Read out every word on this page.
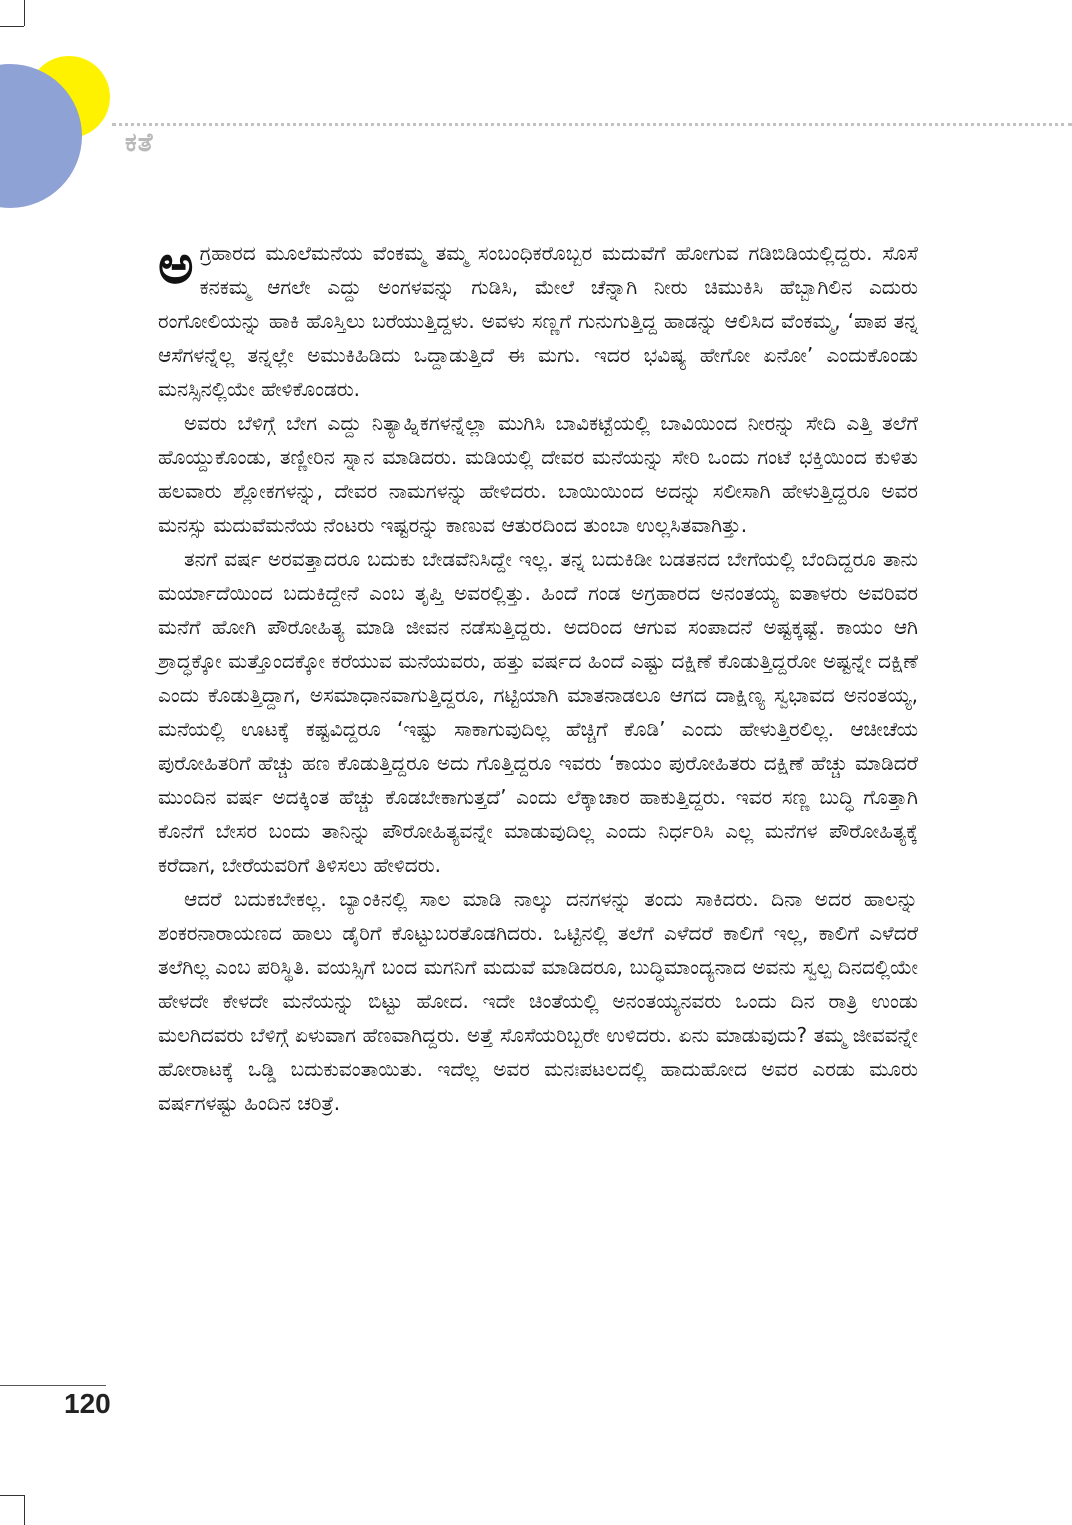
ಕತೆ

ಅಗ್ರಹಾರದ ಮೂಲೆಮನೆಯ ವೆಂಕಮ್ಮ ತಮ್ಮ ಸಂಬಂಧಿಕರೊಬ್ಬರ ಮದುವೆಗೆ ಹೋಗುವ ಗಡಿಬಿಡಿಯಲ್ಲಿದ್ದರು. ಸೊಸೆ ಕನಕಮ್ಮ ಆಗಲೇ ಎದ್ದು ಅಂಗಳವನ್ನು ಗುಡಿಸಿ, ಮೇಲೆ ಚೆನ್ನಾಗಿ ನೀರು ಚಿಮುಕಿಸಿ ಹೆಬ್ಬಾಗಿಲಿನ ಎದುರು ರಂಗೋಲಿಯನ್ನು ಹಾಕಿ ಹೊಸ್ತಿಲು ಬರೆಯುತ್ತಿದ್ದಳು. ಅವಳು ಸಣ್ಣಗೆ ಗುನುಗುತ್ತಿದ್ದ ಹಾಡನ್ನು ಆಲಿಸಿದ ವೆಂಕಮ್ಮ, ‘ಪಾಪ ತನ್ನ ಆಸೆಗಳನ್ನೆಲ್ಲ ತನ್ನಲ್ಲೇ ಅಮುಕಿಹಿಡಿದು ಒದ್ದಾಡುತ್ತಿದೆ ಈ ಮಗು. ಇದರ ಭವಿಷ್ಯ ಹೇಗೋ ಏನೋ’ ಎಂದುಕೊಂಡು ಮನಸ್ಸಿನಲ್ಲಿಯೇ ಹೇಳಿಕೊಂಡರು.

ಅವರು ಬೆಳಿಗ್ಗೆ ಬೇಗ ಎದ್ದು ನಿತ್ಯಾಹ್ನಿಕಗಳನ್ನೆಲ್ಲಾ ಮುಗಿಸಿ ಬಾವಿಕಟ್ಟೆಯಲ್ಲಿ ಬಾವಿಯಿಂದ ನೀರನ್ನು ಸೇದಿ ಎತ್ತಿ ತಲೆಗೆ ಹೊಯ್ದುಕೊಂಡು, ತಣ್ಣೀರಿನ ಸ್ನಾನ ಮಾಡಿದರು. ಮಡಿಯಲ್ಲಿ ದೇವರ ಮನೆಯನ್ನು ಸೇರಿ ಒಂದು ಗಂಟೆ ಭಕ್ತಿಯಿಂದ ಕುಳಿತು ಹಲವಾರು ಶ್ಲೋಕಗಳನ್ನು, ದೇವರ ನಾಮಗಳನ್ನು ಹೇಳಿದರು. ಬಾಯಿಯಿಂದ ಅದನ್ನು ಸಲೀಸಾಗಿ ಹೇಳುತ್ತಿದ್ದರೂ ಅವರ ಮನಸ್ಸು ಮದುವೆಮನೆಯ ನೆಂಟರು ಇಷ್ಟರನ್ನು ಕಾಣುವ ಆತುರದಿಂದ ತುಂಬಾ ಉಲ್ಲಸಿತವಾಗಿತ್ತು.

ತನಗೆ ವರ್ಷ ಅರವತ್ತಾದರೂ ಬದುಕು ಬೇಡವೆನಿಸಿದ್ದೇ ಇಲ್ಲ. ತನ್ನ ಬದುಕಿಡೀ ಬಡತನದ ಬೇಗೆಯಲ್ಲಿ ಬೆಂದಿದ್ದರೂ ತಾನು ಮರ್ಯಾದೆಯಿಂದ ಬದುಕಿದ್ದೇನೆ ಎಂಬ ತೃಪ್ತಿ ಅವರಲ್ಲಿತ್ತು. ಹಿಂದೆ ಗಂಡ ಅಗ್ರಹಾರದ ಅನಂತಯ್ಯ ಐತಾಳರು ಅವರಿವರ ಮನೆಗೆ ಹೋಗಿ ಪೌರೋಹಿತ್ಯ ಮಾಡಿ ಜೀವನ ನಡೆಸುತ್ತಿದ್ದರು. ಅದರಿಂದ ಆಗುವ ಸಂಪಾದನೆ ಅಷ್ಟಕ್ಕಷ್ಟೆ. ಕಾಯಂ ಆಗಿ ಶ್ರಾದ್ಧಕ್ಕೋ ಮತ್ತೊಂದಕ್ಕೋ ಕರೆಯುವ ಮನೆಯವರು, ಹತ್ತು ವರ್ಷದ ಹಿಂದೆ ಎಷ್ಟು ದಕ್ಷಿಣೆ ಕೊಡುತ್ತಿದ್ದರೋ ಅಷ್ಟನ್ನೇ ದಕ್ಷಿಣೆ ಎಂದು ಕೊಡುತ್ತಿದ್ದಾಗ, ಅಸಮಾಧಾನವಾಗುತ್ತಿದ್ದರೂ, ಗಟ್ಟಿಯಾಗಿ ಮಾತನಾಡಲೂ ಆಗದ ದಾಕ್ಷಿಣ್ಯ ಸ್ವಭಾವದ ಅನಂತಯ್ಯ, ಮನೆಯಲ್ಲಿ ಊಟಕ್ಕೆ ಕಷ್ಟವಿದ್ದರೂ ‘ಇಷ್ಟು ಸಾಕಾಗುವುದಿಲ್ಲ ಹೆಚ್ಚಿಗೆ ಕೊಡಿ’ ಎಂದು ಹೇಳುತ್ತಿರಲಿಲ್ಲ. ಆಚೀಚೆಯ ಪುರೋಹಿತರಿಗೆ ಹೆಚ್ಚು ಹಣ ಕೊಡುತ್ತಿದ್ದರೂ ಅದು ಗೊತ್ತಿದ್ದರೂ ಇವರು ‘ಕಾಯಂ ಪುರೋಹಿತರು ದಕ್ಷಿಣೆ ಹೆಚ್ಚು ಮಾಡಿದರೆ ಮುಂದಿನ ವರ್ಷ ಅದಕ್ಕಿಂತ ಹೆಚ್ಚು ಕೊಡಬೇಕಾಗುತ್ತದೆ’ ಎಂದು ಲೆಕ್ಕಾಚಾರ ಹಾಕುತ್ತಿದ್ದರು. ಇವರ ಸಣ್ಣ ಬುದ್ಧಿ ಗೊತ್ತಾಗಿ ಕೊನೆಗೆ ಬೇಸರ ಬಂದು ತಾನಿನ್ನು ಪೌರೋಹಿತ್ಯವನ್ನೇ ಮಾಡುವುದಿಲ್ಲ ಎಂದು ನಿರ್ಧರಿಸಿ ಎಲ್ಲ ಮನೆಗಳ ಪೌರೋಹಿತ್ಯಕ್ಕೆ ಕರೆದಾಗ, ಬೇರೆಯವರಿಗೆ ತಿಳಿಸಲು ಹೇಳಿದರು.

ಆದರೆ ಬದುಕಬೇಕಲ್ಲ. ಬ್ಯಾಂಕಿನಲ್ಲಿ ಸಾಲ ಮಾಡಿ ನಾಲ್ಕು ದನಗಳನ್ನು ತಂದು ಸಾಕಿದರು. ದಿನಾ ಅದರ ಹಾಲನ್ನು ಶಂಕರನಾರಾಯಣದ ಹಾಲು ಡೈರಿಗೆ ಕೊಟ್ಟುಬರತೊಡಗಿದರು. ಒಟ್ಟಿನಲ್ಲಿ ತಲೆಗೆ ಎಳೆದರೆ ಕಾಲಿಗೆ ಇಲ್ಲ, ಕಾಲಿಗೆ ಎಳೆದರೆ ತಲೆಗಿಲ್ಲ ಎಂಬ ಪರಿಸ್ಥಿತಿ. ವಯಸ್ಸಿಗೆ ಬಂದ ಮಗನಿಗೆ ಮದುವೆ ಮಾಡಿದರೂ, ಬುದ್ಧಿಮಾಂದ್ಯನಾದ ಅವನು ಸ್ವಲ್ಪ ದಿನದಲ್ಲಿಯೇ ಹೇಳದೇ ಕೇಳದೇ ಮನೆಯನ್ನು ಬಿಟ್ಟು ಹೋದ. ಇದೇ ಚಿಂತೆಯಲ್ಲಿ ಅನಂತಯ್ಯನವರು ಒಂದು ದಿನ ರಾತ್ರಿ ಉಂಡು ಮಲಗಿದವರು ಬೆಳಿಗ್ಗೆ ಏಳುವಾಗ ಹೆಣವಾಗಿದ್ದರು. ಅತ್ತೆ ಸೊಸೆಯರಿಬ್ಬರೇ ಉಳಿದರು. ಏನು ಮಾಡುವುದು? ತಮ್ಮ ಜೀವವನ್ನೇ ಹೋರಾಟಕ್ಕೆ ಒಡ್ಡಿ ಬದುಕುವಂತಾಯಿತು. ಇದೆಲ್ಲ ಅವರ ಮನಃಪಟಲದಲ್ಲಿ ಹಾದುಹೋದ ಅವರ ಎರಡು ಮೂರು ವರ್ಷಗಳಷ್ಟು ಹಿಂದಿನ ಚರಿತ್ರೆ.

120
